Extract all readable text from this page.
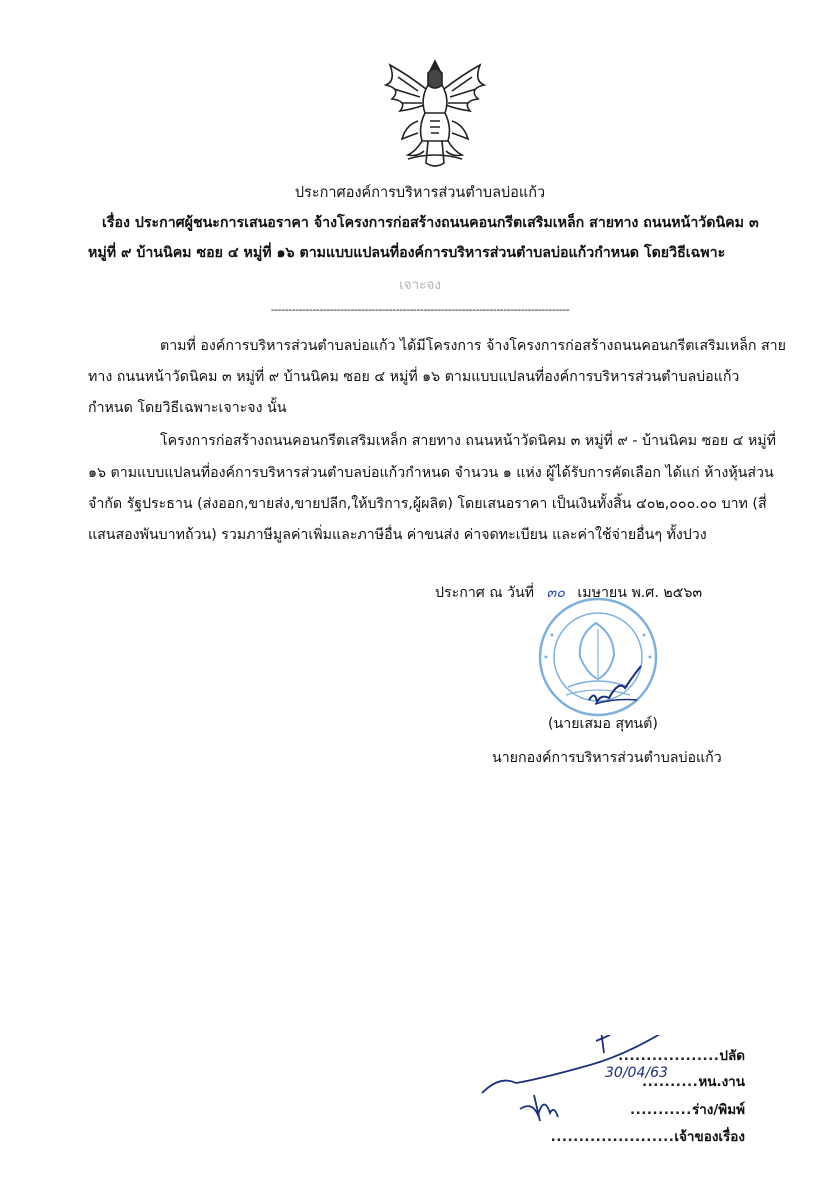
ประกาศองค์การบริหารส่วนตำบลบ่อแก้ว
เรื่อง ประกาศผู้ชนะการเสนอราคา จ้างโครงการก่อสร้างถนนคอนกรีตเสริมเหล็ก สายทาง ถนนหน้าวัดนิคม ๓
หมู่ที่ ๙ บ้านนิคม ซอย ๔ หมู่ที่ ๑๖ ตามแบบแปลนที่องค์การบริหารส่วนตำบลบ่อแก้วกำหนด โดยวิธีเฉพาะ
เจาะจง
--------------------------------------------------------------------------------------
ตามที่ องค์การบริหารส่วนตำบลบ่อแก้ว ได้มีโครงการ จ้างโครงการก่อสร้างถนนคอนกรีตเสริมเหล็ก สาย
ทาง ถนนหน้าวัดนิคม ๓ หมู่ที่ ๙ บ้านนิคม ซอย ๔ หมู่ที่ ๑๖ ตามแบบแปลนที่องค์การบริหารส่วนตำบลบ่อแก้ว
กำหนด โดยวิธีเฉพาะเจาะจง นั้น
โครงการก่อสร้างถนนคอนกรีตเสริมเหล็ก สายทาง ถนนหน้าวัดนิคม ๓ หมู่ที่ ๙ - บ้านนิคม ซอย ๔ หมู่ที่
๑๖ ตามแบบแปลนที่องค์การบริหารส่วนตำบลบ่อแก้วกำหนด จำนวน ๑ แห่ง ผู้ได้รับการคัดเลือก ได้แก่ ห้างหุ้นส่วน
จำกัด รัฐประธาน (ส่งออก,ขายส่ง,ขายปลีก,ให้บริการ,ผู้ผลิต) โดยเสนอราคา เป็นเงินทั้งสิ้น ๔๐๒,๐๐๐.๐๐ บาท (สี่
แสนสองพันบาทถ้วน) รวมภาษีมูลค่าเพิ่มและภาษีอื่น ค่าขนส่ง ค่าจดทะเบียน และค่าใช้จ่ายอื่นๆ ทั้งปวง
ประกาศ ณ วันที่ ๓๐ เมษายน พ.ศ. ๒๕๖๓
(นายเสมอ สุทนต์)
นายกองค์การบริหารส่วนตำบลบ่อแก้ว
30/04/63
..................ปลัด
..........หน.งาน
...........ร่าง/พิมพ์
......................เจ้าของเรื่อง
